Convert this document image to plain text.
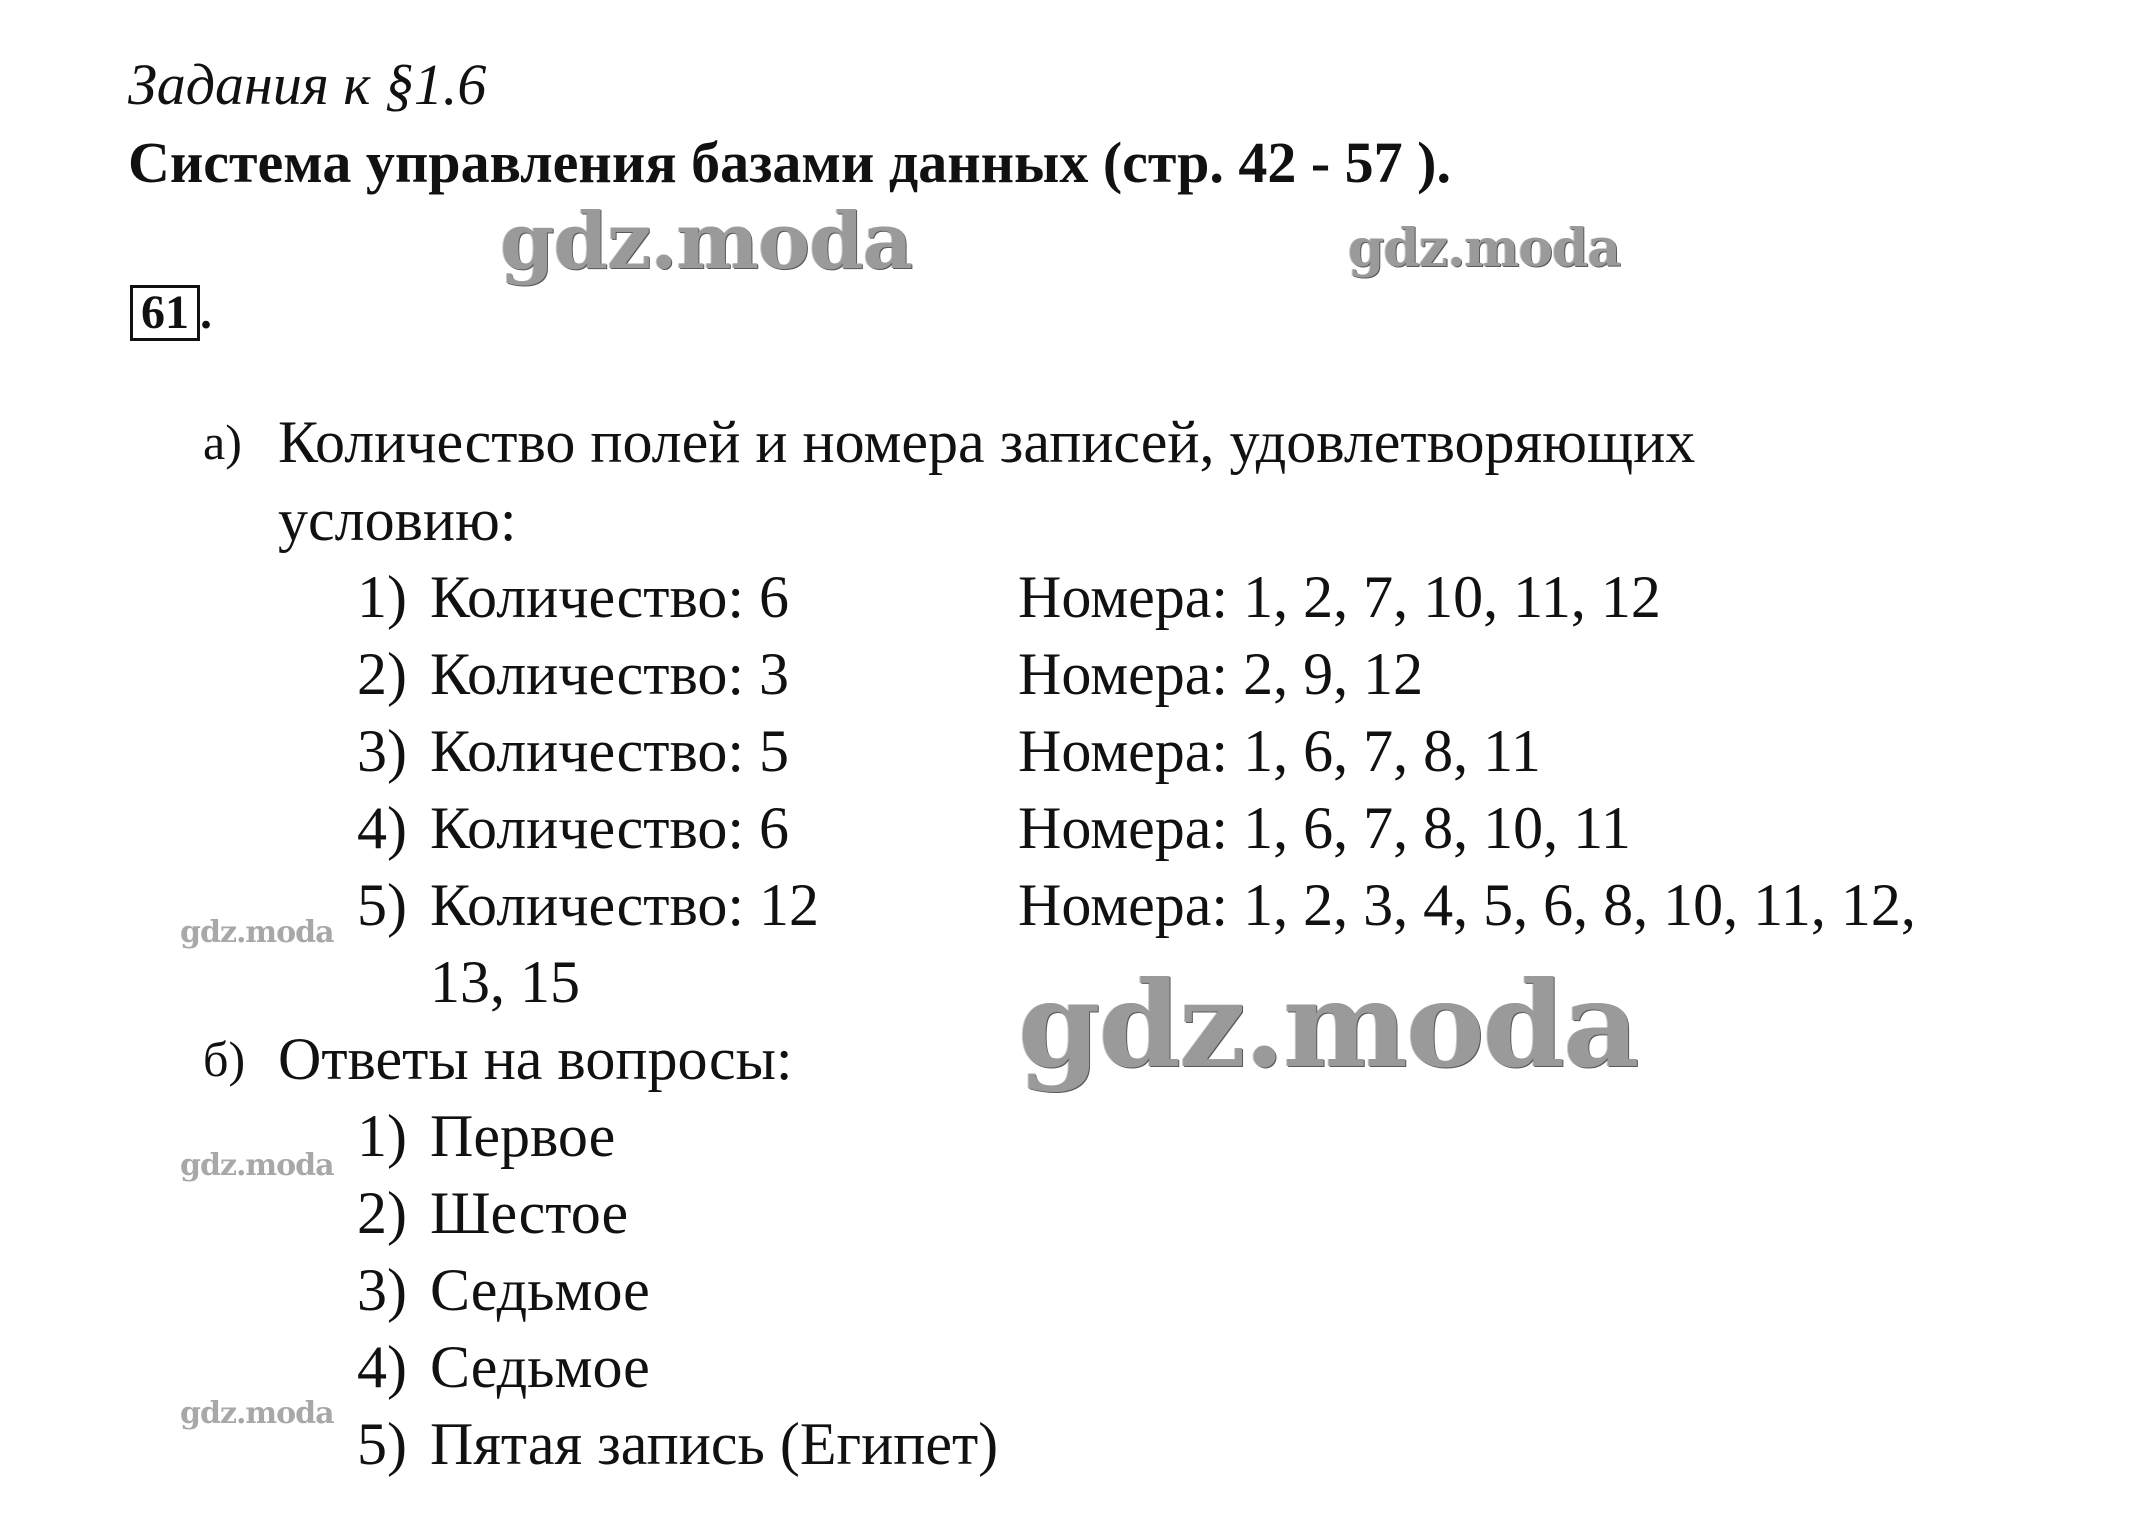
Задания к §1.6
Система управления базами данных (стр. 42 - 57 ).
gdz.moda	gdz.moda
gdz.moda
gdz.moda
gdz.moda
gdz.moda
61 .
а) Количество полей и номера записей, удовлетворяющих
условию:
1) Количество: 6	Номера: 1, 2, 7, 10, 11, 12
2) Количество: 3	Номера: 2, 9, 12
3) Количество: 5	Номера: 1, 6, 7, 8, 11
4) Количество: 6	Номера: 1, 6, 7, 8, 10, 11
5) Количество: 12	Номера: 1, 2, 3, 4, 5, 6, 8, 10, 11, 12,
13, 15
б) Ответы на вопросы:
1) Первое
2) Шестое
3) Седьмое
4) Седьмое
5) Пятая запись (Египет)
